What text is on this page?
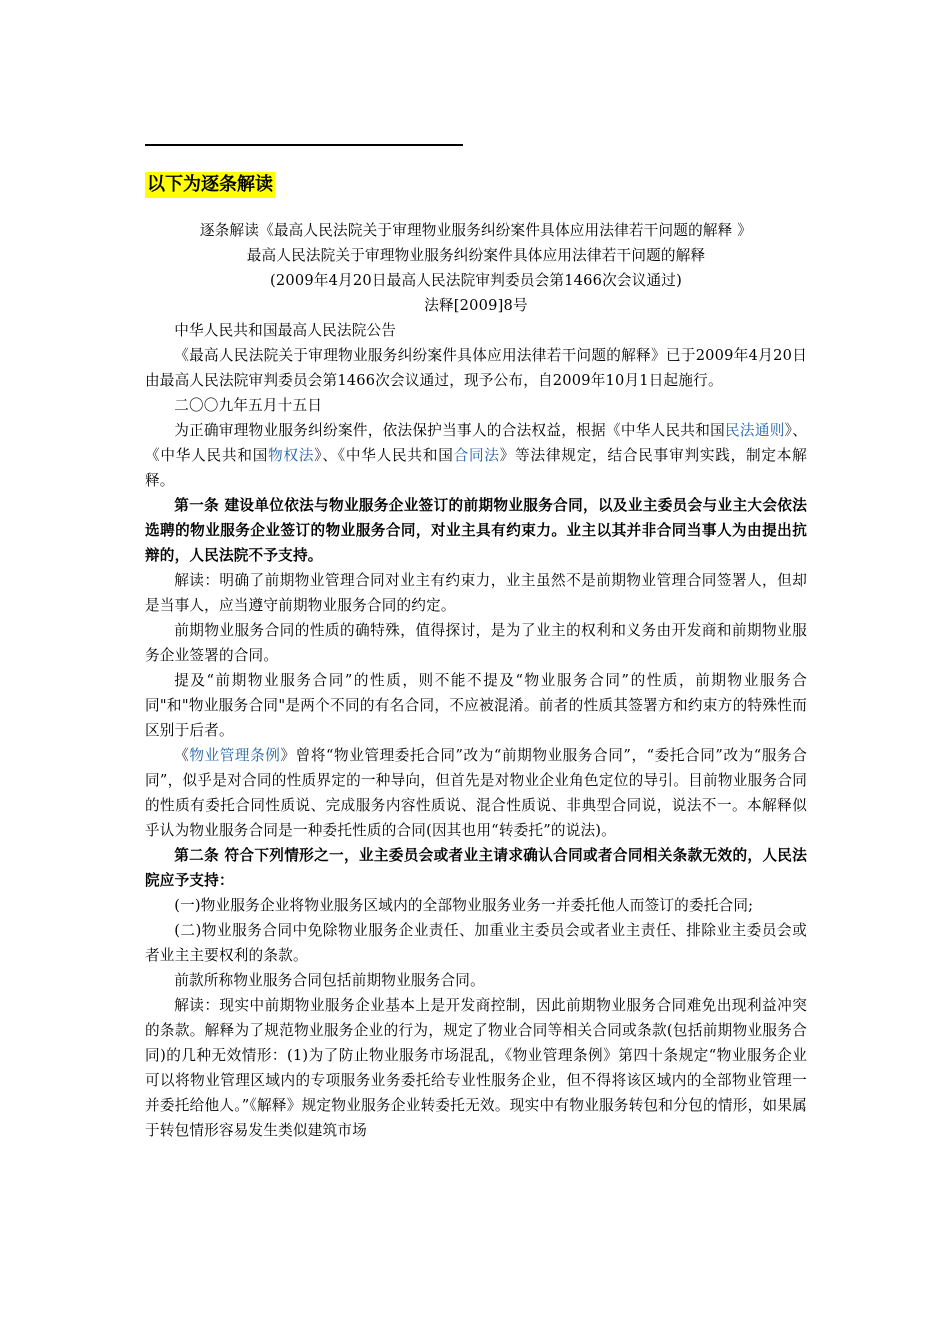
以下为逐条解读

逐条解读《最高人民法院关于审理物业服务纠纷案件具体应用法律若干问题的解释 》

最高人民法院关于审理物业服务纠纷案件具体应用法律若干问题的解释

(2009年4月20日最高人民法院审判委员会第1466次会议通过)

法释[2009]8号

中华人民共和国最高人民法院公告

《最高人民法院关于审理物业服务纠纷案件具体应用法律若干问题的解释》已于2009年4月20日由最高人民法院审判委员会第1466次会议通过，现予公布，自2009年10月1日起施行。

二〇〇九年五月十五日

为正确审理物业服务纠纷案件，依法保护当事人的合法权益，根据《中华人民共和国民法通则》、《中华人民共和国物权法》、《中华人民共和国合同法》等法律规定，结合民事审判实践，制定本解释。

第一条 建设单位依法与物业服务企业签订的前期物业服务合同，以及业主委员会与业主大会依法选聘的物业服务企业签订的物业服务合同，对业主具有约束力。业主以其并非合同当事人为由提出抗辩的，人民法院不予支持。

解读：明确了前期物业管理合同对业主有约束力，业主虽然不是前期物业管理合同签署人，但却是当事人，应当遵守前期物业服务合同的约定。

前期物业服务合同的性质的确特殊，值得探讨，是为了业主的权利和义务由开发商和前期物业服务企业签署的合同。

提及“前期物业服务合同”的性质，则不能不提及“物业服务合同”的性质，前期物业服务合同"和"物业服务合同"是两个不同的有名合同，不应被混淆。前者的性质其签署方和约束方的特殊性而区别于后者。

《物业管理条例》曾将“物业管理委托合同”改为“前期物业服务合同”，“委托合同”改为“服务合同”，似乎是对合同的性质界定的一种导向，但首先是对物业企业角色定位的导引。目前物业服务合同的性质有委托合同性质说、完成服务内容性质说、混合性质说、非典型合同说，说法不一。本解释似乎认为物业服务合同是一种委托性质的合同(因其也用“转委托”的说法)。

第二条 符合下列情形之一，业主委员会或者业主请求确认合同或者合同相关条款无效的，人民法院应予支持：

(一)物业服务企业将物业服务区域内的全部物业服务业务一并委托他人而签订的委托合同;

(二)物业服务合同中免除物业服务企业责任、加重业主委员会或者业主责任、排除业主委员会或者业主主要权利的条款。

前款所称物业服务合同包括前期物业服务合同。

解读：现实中前期物业服务企业基本上是开发商控制，因此前期物业服务合同难免出现利益冲突的条款。解释为了规范物业服务企业的行为，规定了物业合同等相关合同或条款(包括前期物业服务合同)的几种无效情形：(1)为了防止物业服务市场混乱，《物业管理条例》第四十条规定“物业服务企业可以将物业管理区域内的专项服务业务委托给专业性服务企业，但不得将该区域内的全部物业管理一并委托给他人。”《解释》规定物业服务企业转委托无效。现实中有物业服务转包和分包的情形，如果属于转包情形容易发生类似建筑市场
